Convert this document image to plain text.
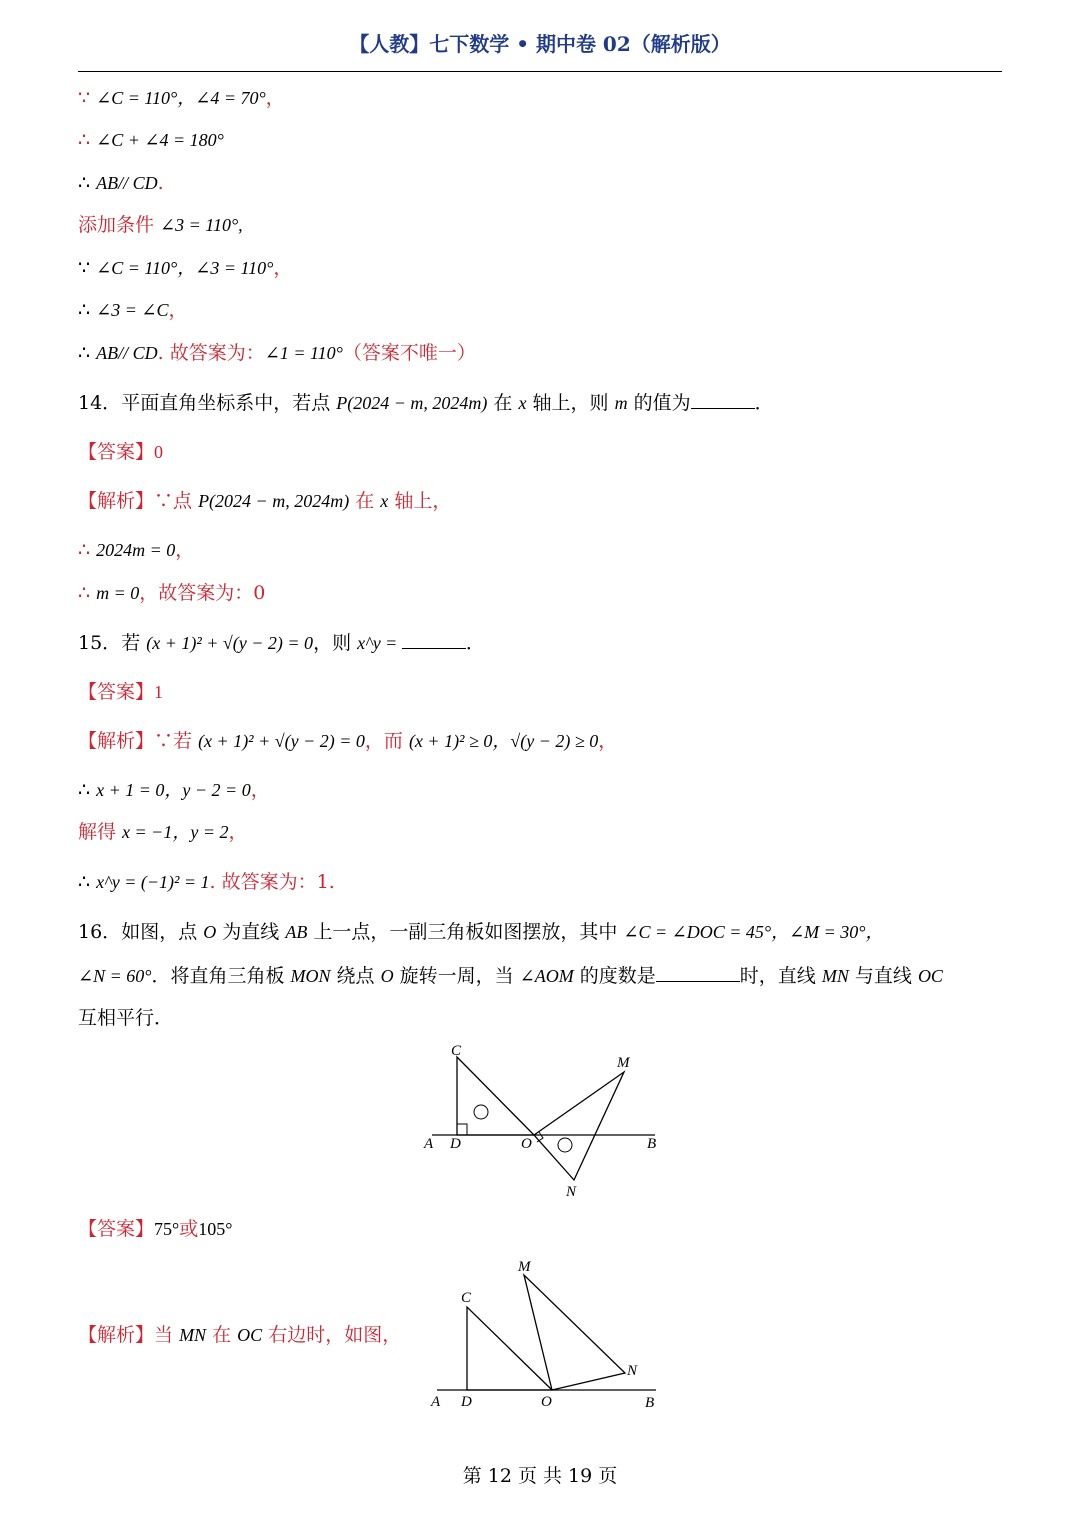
【人教】七下数学 • 期中卷 02（解析版）
∵ ∠C = 110°，∠4 = 70°，
∴ ∠C + ∠4 = 180°
∴ AB// CD.
添加条件 ∠3 = 110°,
∵ ∠C = 110°，∠3 = 110°，
∴ ∠3 = ∠C，
∴ AB// CD. 故答案为：∠1 = 110°（答案不唯一）
14．平面直角坐标系中，若点 P(2024 − m, 2024m) 在 x 轴上，则 m 的值为	．
【答案】0
【解析】∵点 P(2024 − m, 2024m) 在 x 轴上，
∴ 2024m = 0，
∴ m = 0，故答案为：0
15．若 (x + 1)² + √(y − 2) = 0，则 x^y =	．
【答案】1
【解析】∵若 (x + 1)² + √(y − 2) = 0，而 (x + 1)² ≥ 0，√(y − 2) ≥ 0，
∴ x + 1 = 0，y − 2 = 0，
解得 x = −1，y = 2，
∴ x^y = (−1)² = 1. 故答案为：1.
16．如图，点 O 为直线 AB 上一点，一副三角板如图摆放，其中 ∠C = ∠DOC = 45°，∠M = 30°，
∠N = 60°．将直角三角板 MON 绕点 O 旋转一周，当 ∠AOM 的度数是	时，直线 MN 与直线 OC
互相平行．
C
M
A D	O	B
N
【答案】75°或105°
【解析】当 MN 在 OC 右边时，如图，
M
C
N
A D	O	B
第 12 页 共 19 页
